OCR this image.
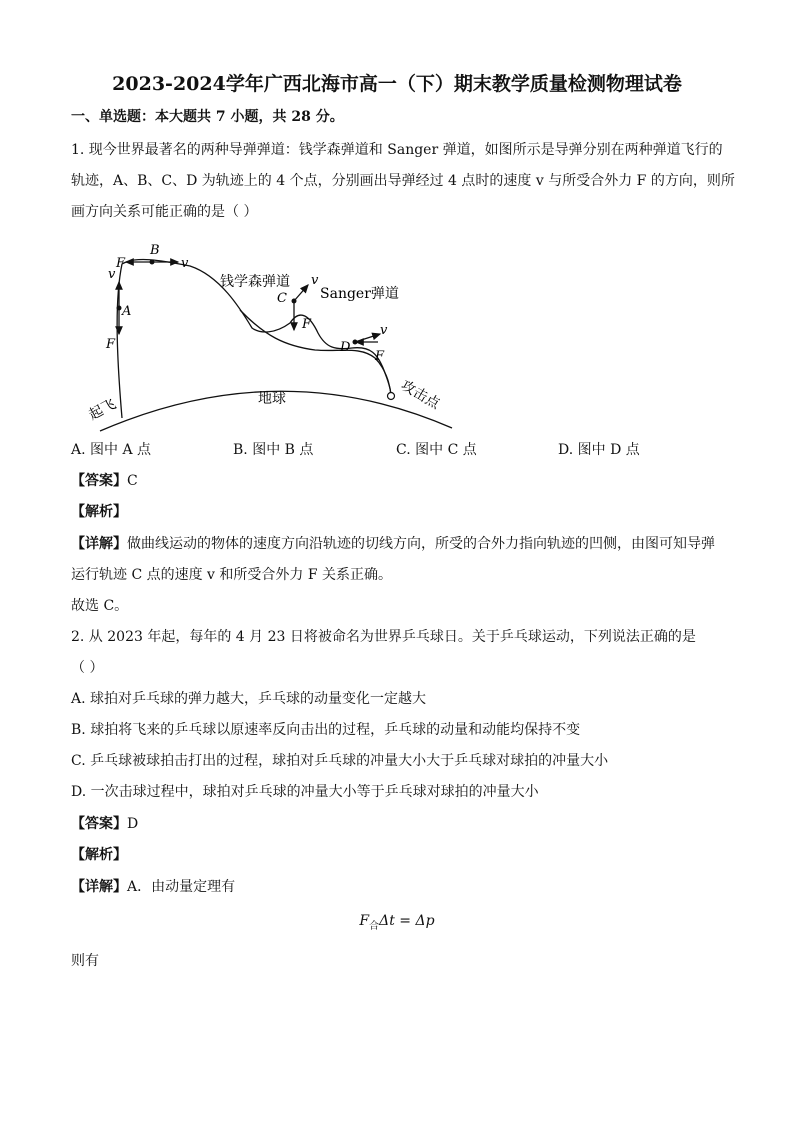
2023-2024学年广西北海市高一（下）期末教学质量检测物理试卷
一、单选题：本大题共 7 小题，共 28 分。
1. 现今世界最著名的两种导弹弹道：钱学森弹道和 Sanger 弹道，如图所示是导弹分别在两种弹道飞行的
轨迹，A、B、C、D 为轨迹上的 4 个点，分别画出导弹经过 4 点时的速度 v 与所受合外力 F 的方向，则所
画方向关系可能正确的是（ ）
v
A
F
B
F	v
C
v
F
D
v
F
钱学森弹道
Sanger弹道
地球
起飞	攻击点
A. 图中 A 点	B. 图中 B 点	C. 图中 C 点	D. 图中 D 点
【答案】C
【解析】
【详解】做曲线运动的物体的速度方向沿轨迹的切线方向，所受的合外力指向轨迹的凹侧，由图可知导弹
运行轨迹 C 点的速度 v 和所受合外力 F 关系正确。
故选 C。
2. 从 2023 年起，每年的 4 月 23 日将被命名为世界乒乓球日。关于乒乓球运动，下列说法正确的是
（ ）
A. 球拍对乒乓球的弹力越大，乒乓球的动量变化一定越大
B. 球拍将飞来的乒乓球以原速率反向击出的过程，乒乓球的动量和动能均保持不变
C. 乒乓球被球拍击打出的过程，球拍对乒乓球的冲量大小大于乒乓球对球拍的冲量大小
D. 一次击球过程中，球拍对乒乓球的冲量大小等于乒乓球对球拍的冲量大小
【答案】D
【解析】
【详解】A．由动量定理有
$F_合\Delta t = \Delta p$
则有
